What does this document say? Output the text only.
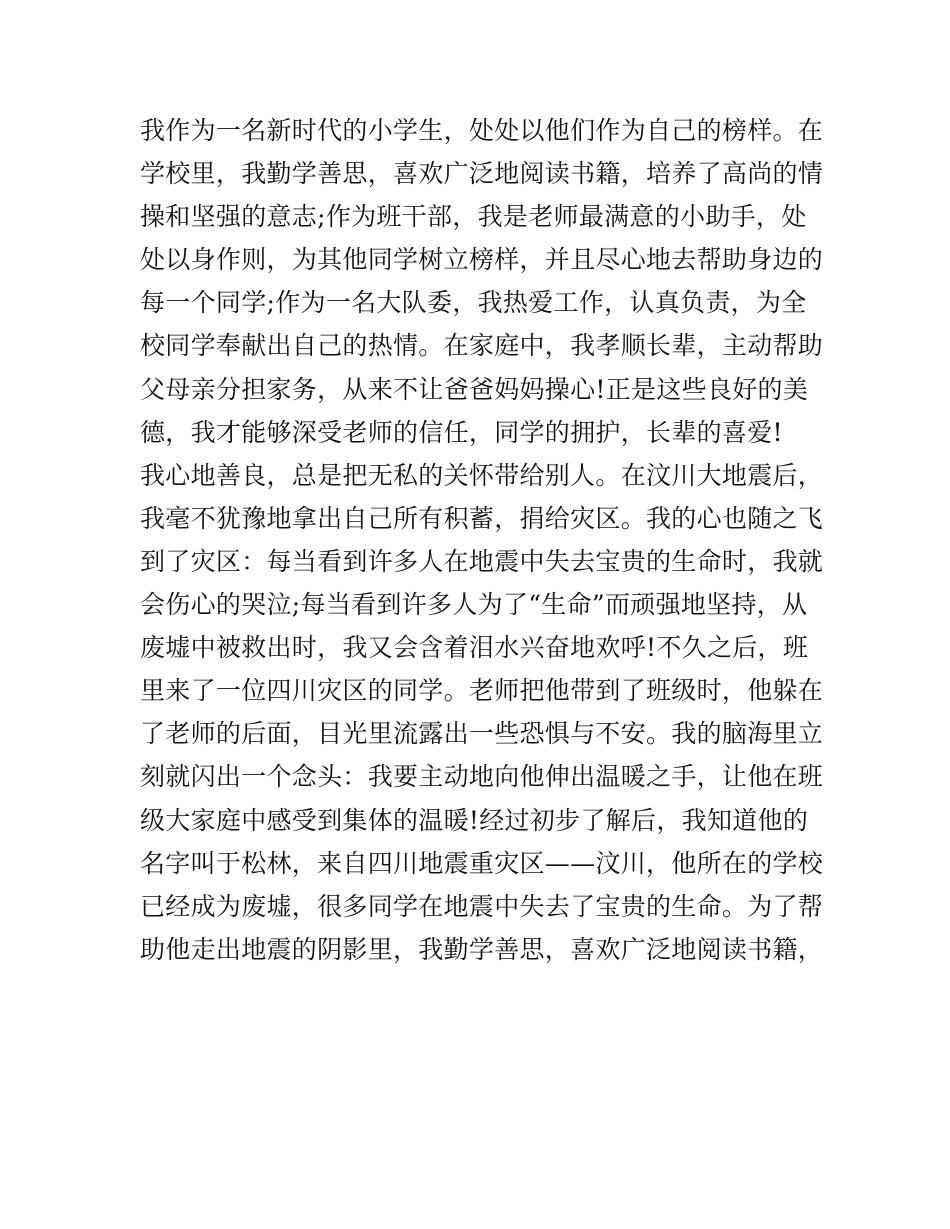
我作为一名新时代的小学生，处处以他们作为自己的榜样。在
学校里，我勤学善思，喜欢广泛地阅读书籍，培养了高尚的情
操和坚强的意志;作为班干部，我是老师最满意的小助手，处
处以身作则，为其他同学树立榜样，并且尽心地去帮助身边的
每一个同学;作为一名大队委，我热爱工作，认真负责，为全
校同学奉献出自己的热情。在家庭中，我孝顺长辈，主动帮助
父母亲分担家务，从来不让爸爸妈妈操心!正是这些良好的美
德，我才能够深受老师的信任，同学的拥护，长辈的喜爱!
我心地善良，总是把无私的关怀带给别人。在汶川大地震后，
我毫不犹豫地拿出自己所有积蓄，捐给灾区。我的心也随之飞
到了灾区：每当看到许多人在地震中失去宝贵的生命时，我就
会伤心的哭泣;每当看到许多人为了“生命”而顽强地坚持，从
废墟中被救出时，我又会含着泪水兴奋地欢呼!不久之后，班
里来了一位四川灾区的同学。老师把他带到了班级时，他躲在
了老师的后面，目光里流露出一些恐惧与不安。我的脑海里立
刻就闪出一个念头：我要主动地向他伸出温暖之手，让他在班
级大家庭中感受到集体的温暖!经过初步了解后，我知道他的
名字叫于松林，来自四川地震重灾区——汶川，他所在的学校
已经成为废墟，很多同学在地震中失去了宝贵的生命。为了帮
助他走出地震的阴影里，我勤学善思，喜欢广泛地阅读书籍，
